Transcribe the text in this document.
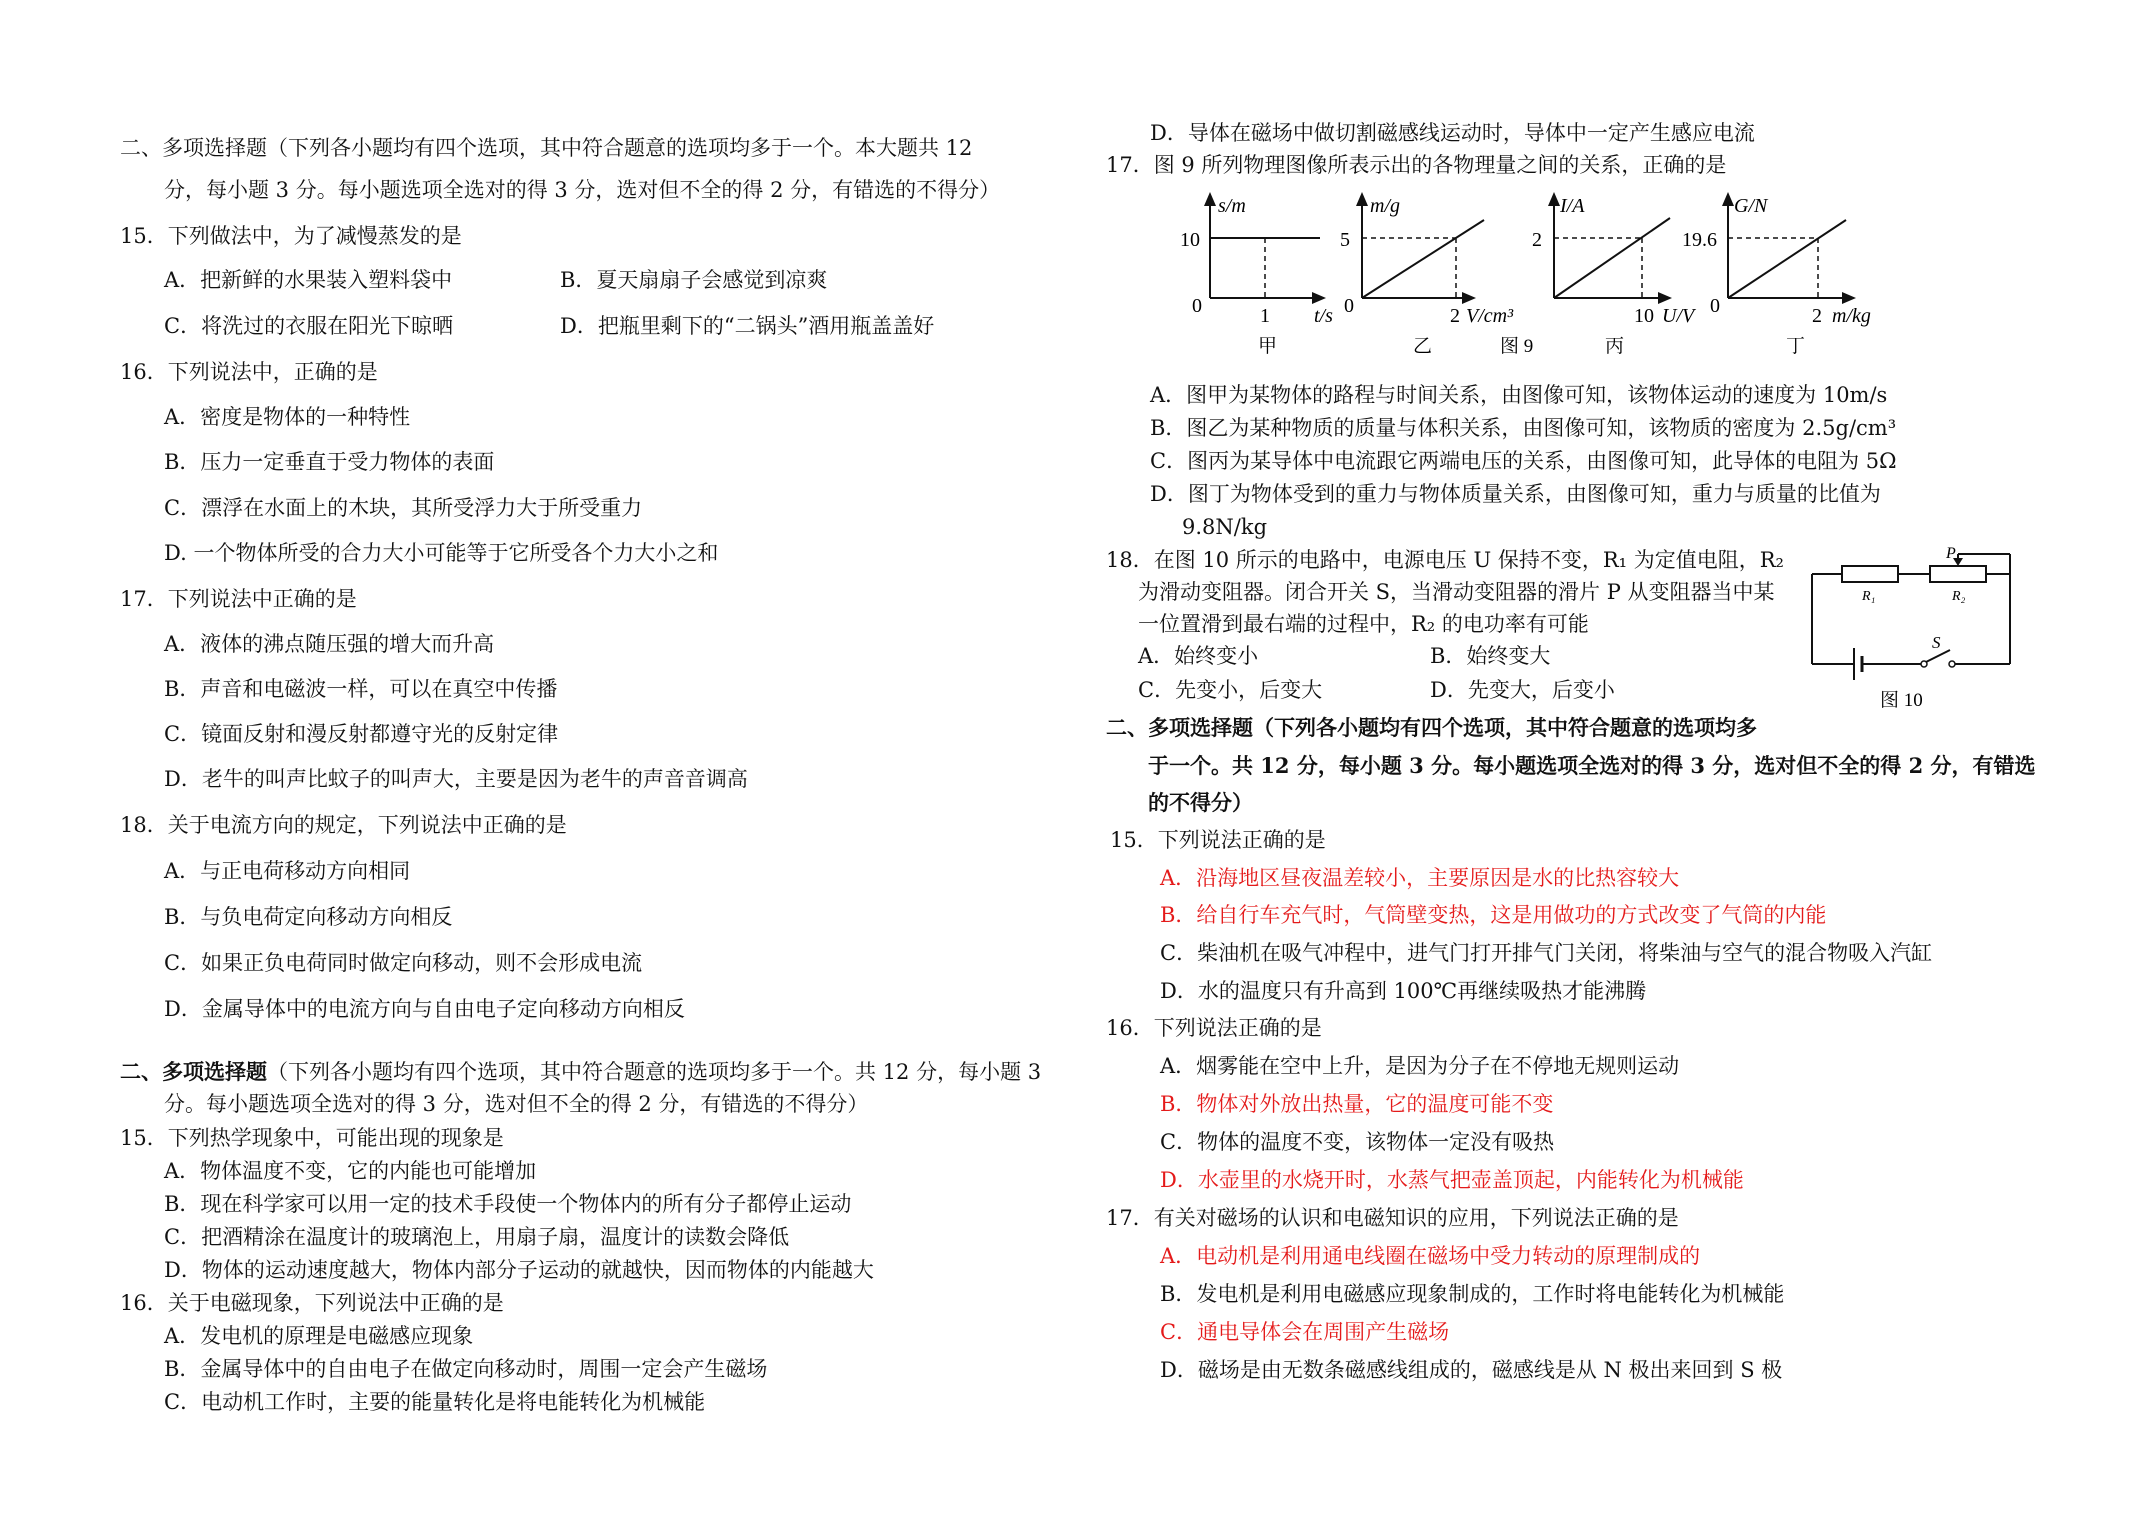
二、多项选择题（下列各小题均有四个选项，其中符合题意的选项均多于一个。本大题共 12
分，每小题 3 分。每小题选项全选对的得 3 分，选对但不全的得 2 分，有错选的不得分）
15．下列做法中，为了减慢蒸发的是
A．把新鲜的水果装入塑料袋中	B．夏天扇扇子会感觉到凉爽
C．将洗过的衣服在阳光下晾晒	D．把瓶里剩下的“二锅头”酒用瓶盖盖好
16．下列说法中，正确的是
A．密度是物体的一种特性
B．压力一定垂直于受力物体的表面
C．漂浮在水面上的木块，其所受浮力大于所受重力
D. 一个物体所受的合力大小可能等于它所受各个力大小之和
17．下列说法中正确的是
A．液体的沸点随压强的增大而升高
B．声音和电磁波一样，可以在真空中传播
C．镜面反射和漫反射都遵守光的反射定律
D．老牛的叫声比蚊子的叫声大，主要是因为老牛的声音音调高
18．关于电流方向的规定，下列说法中正确的是
A．与正电荷移动方向相同
B．与负电荷定向移动方向相反
C．如果正负电荷同时做定向移动，则不会形成电流
D．金属导体中的电流方向与自由电子定向移动方向相反
二、多项选择题（下列各小题均有四个选项，其中符合题意的选项均多于一个。共 12 分，每小题 3
分。每小题选项全选对的得 3 分，选对但不全的得 2 分，有错选的不得分）
15．下列热学现象中，可能出现的现象是
A．物体温度不变，它的内能也可能增加
B．现在科学家可以用一定的技术手段使一个物体内的所有分子都停止运动
C．把酒精涂在温度计的玻璃泡上，用扇子扇，温度计的读数会降低
D．物体的运动速度越大，物体内部分子运动的就越快，因而物体的内能越大
16．关于电磁现象，下列说法中正确的是
A．发电机的原理是电磁感应现象
B．金属导体中的自由电子在做定向移动时，周围一定会产生磁场
C．电动机工作时，主要的能量转化是将电能转化为机械能
D．导体在磁场中做切割磁感线运动时，导体中一定产生感应电流
17．图 9 所列物理图像所表示出的各物理量之间的关系，正确的是
s/m
10
0	1 t/s
甲
m/g
5
0	2 V/cm³
乙	图 9
I/A
2
10 U/V
丙
G/N
19.6
0	2 m/kg
丁
A．图甲为某物体的路程与时间关系，由图像可知，该物体运动的速度为 10m/s
B．图乙为某种物质的质量与体积关系，由图像可知，该物质的密度为 2.5g/cm³
C．图丙为某导体中电流跟它两端电压的关系，由图像可知，此导体的电阻为 5Ω
D．图丁为物体受到的重力与物体质量关系，由图像可知，重力与质量的比值为
9.8N/kg
18．在图 10 所示的电路中，电源电压 U 保持不变，R₁ 为定值电阻，R₂
为滑动变阻器。闭合开关 S，当滑动变阻器的滑片 P 从变阻器当中某
一位置滑到最右端的过程中，R₂ 的电功率有可能
A．始终变小	B．始终变大
C．先变小，后变大	D．先变大，后变小
R₁	R₂
P
S
图 10
二、多项选择题（下列各小题均有四个选项，其中符合题意的选项均多
于一个。共 12 分，每小题 3 分。每小题选项全选对的得 3 分，选对但不全的得 2 分，有错选
的不得分）
15．下列说法正确的是
A．沿海地区昼夜温差较小，主要原因是水的比热容较大
B．给自行车充气时，气筒壁变热，这是用做功的方式改变了气筒的内能
C．柴油机在吸气冲程中，进气门打开排气门关闭，将柴油与空气的混合物吸入汽缸
D．水的温度只有升高到 100℃再继续吸热才能沸腾
16．下列说法正确的是
A．烟雾能在空中上升，是因为分子在不停地无规则运动
B．物体对外放出热量，它的温度可能不变
C．物体的温度不变，该物体一定没有吸热
D．水壶里的水烧开时，水蒸气把壶盖顶起，内能转化为机械能
17．有关对磁场的认识和电磁知识的应用，下列说法正确的是
A．电动机是利用通电线圈在磁场中受力转动的原理制成的
B．发电机是利用电磁感应现象制成的，工作时将电能转化为机械能
C．通电导体会在周围产生磁场
D．磁场是由无数条磁感线组成的，磁感线是从 N 极出来回到 S 极
